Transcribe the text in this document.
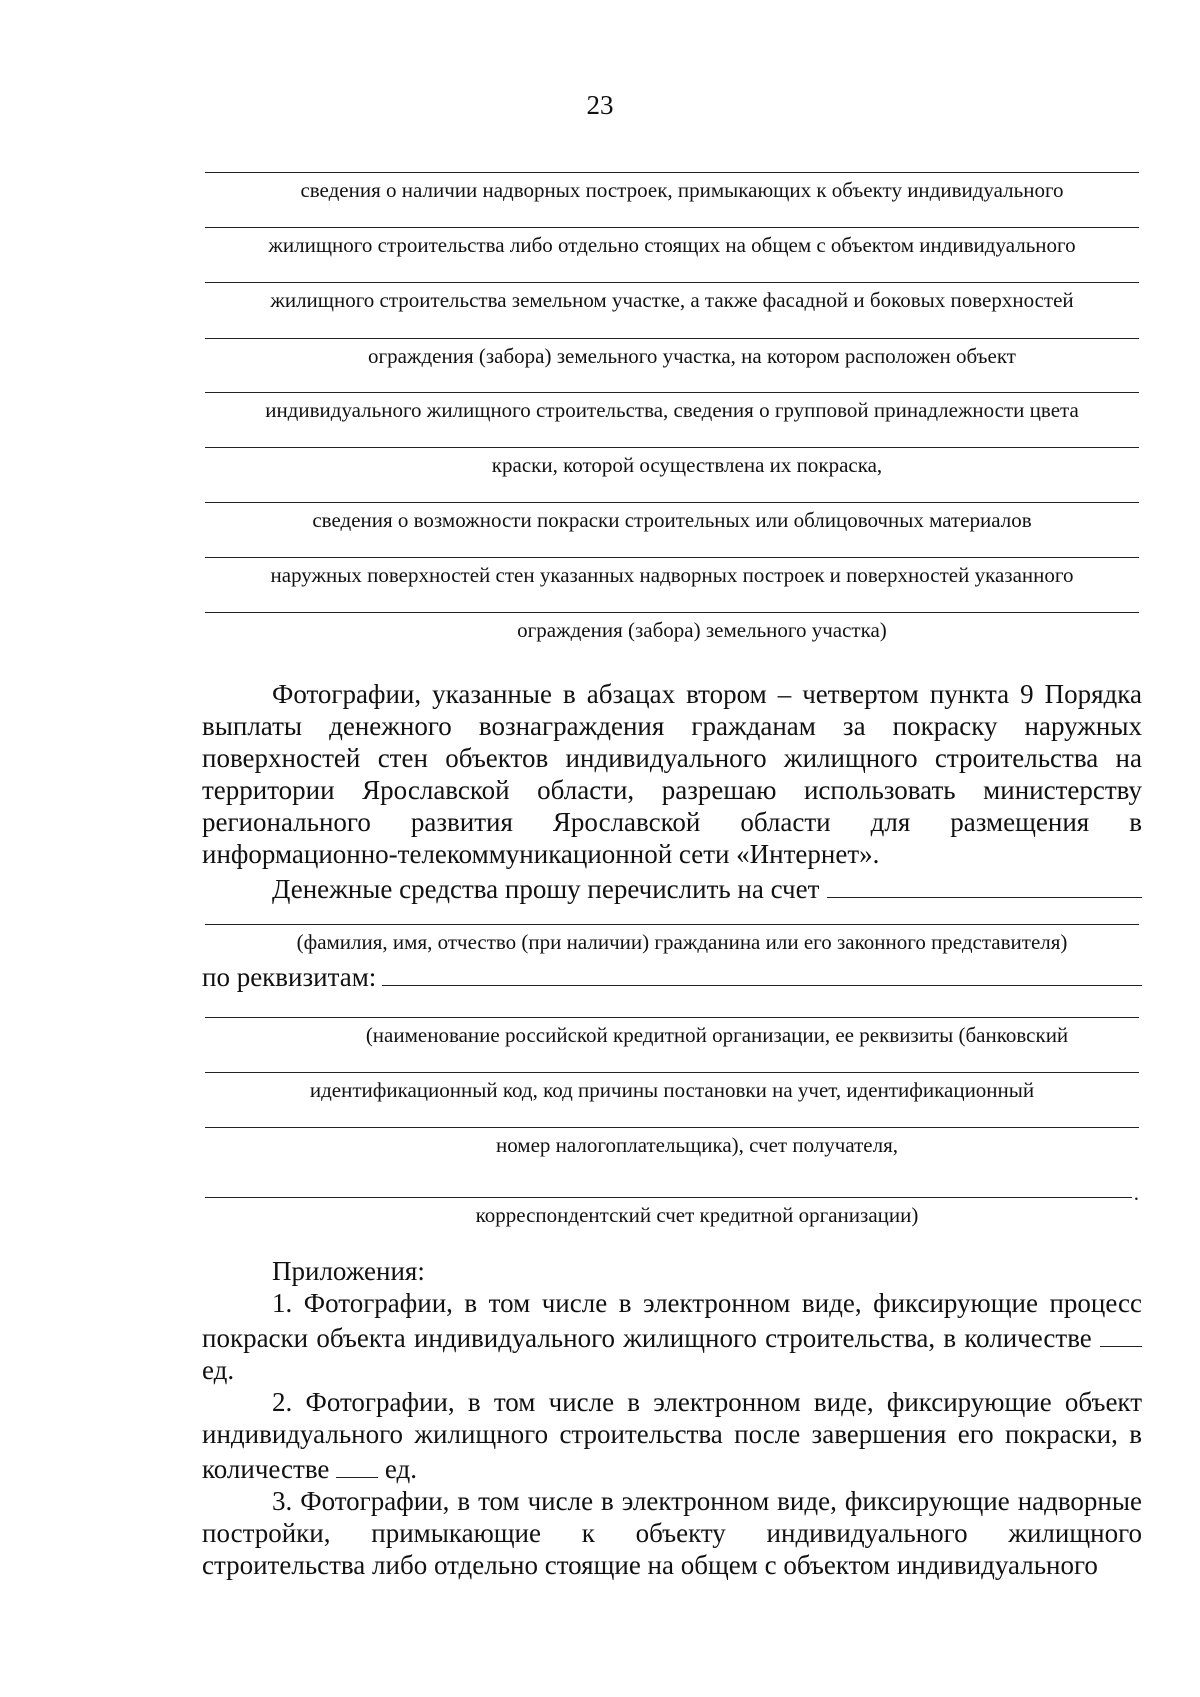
23
сведения о наличии надворных построек, примыкающих к объекту индивидуального
жилищного строительства либо отдельно стоящих на общем с объектом индивидуального
жилищного строительства земельном участке, а также фасадной и боковых поверхностей
ограждения (забора) земельного участка, на котором расположен объект
индивидуального жилищного строительства, сведения о групповой принадлежности цвета
краски, которой осуществлена их покраска,
сведения о возможности покраски строительных или облицовочных материалов
наружных поверхностей стен указанных надворных построек и поверхностей указанного
ограждения (забора) земельного участка)

Фотографии, указанные в абзацах втором – четвертом пункта 9 Порядка выплаты денежного вознаграждения гражданам за покраску наружных поверхностей стен объектов индивидуального жилищного строительства на территории Ярославской области, разрешаю использовать министерству регионального развития Ярославской области для размещения в информационно-телекоммуникационной сети «Интернет».

Денежные средства прошу перечислить на счет

(фамилия, имя, отчество (при наличии) гражданина или его законного представителя)
по реквизитам:
(наименование российской кредитной организации, ее реквизиты (банковский
идентификационный код, код причины постановки на учет, идентификационный
номер налогоплательщика), счет получателя,
.
корреспондентский счет кредитной организации)

Приложения:

1. Фотографии, в том числе в электронном виде, фиксирующие процесс покраски объекта индивидуального жилищного строительства, в количестве  ед.

2. Фотографии, в том числе в электронном виде, фиксирующие объект индивидуального жилищного строительства после завершения его покраски, в количестве ед.

3. Фотографии, в том числе в электронном виде, фиксирующие надворные постройки, примыкающие к объекту индивидуального жилищного строительства либо отдельно стоящие на общем с объектом индивидуального
